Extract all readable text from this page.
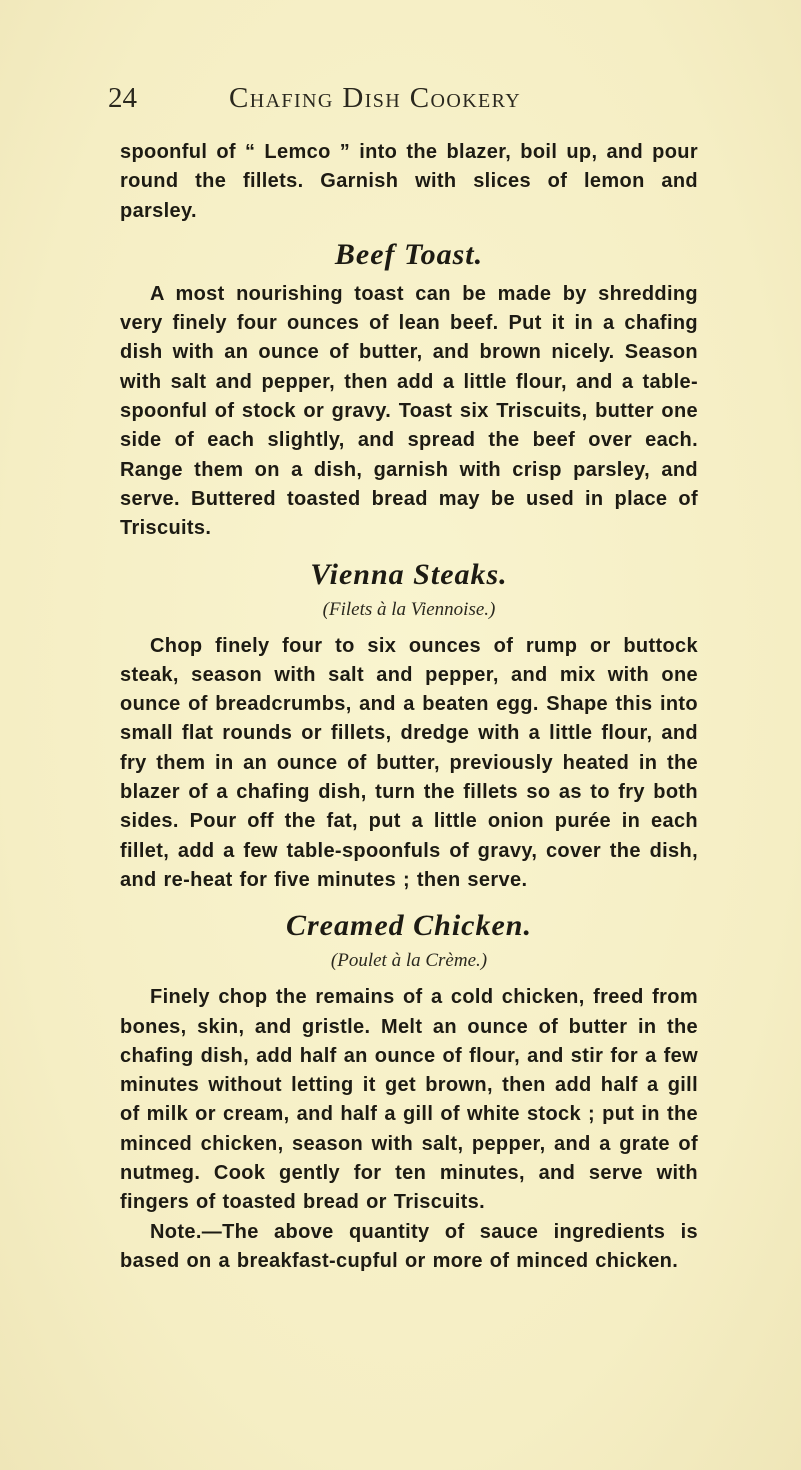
24	Chafing Dish Cookery

spoonful of “ Lemco ” into the blazer, boil up, and pour round the fillets. Garnish with slices of lemon and parsley.

Beef Toast.

A most nourishing toast can be made by shredding very finely four ounces of lean beef. Put it in a chafing dish with an ounce of butter, and brown nicely. Season with salt and pepper, then add a little flour, and a table-spoonful of stock or gravy. Toast six Triscuits, butter one side of each slightly, and spread the beef over each. Range them on a dish, garnish with crisp parsley, and serve. Buttered toasted bread may be used in place of Triscuits.

Vienna Steaks.

(Filets à la Viennoise.)

Chop finely four to six ounces of rump or buttock steak, season with salt and pepper, and mix with one ounce of breadcrumbs, and a beaten egg. Shape this into small flat rounds or fillets, dredge with a little flour, and fry them in an ounce of butter, previously heated in the blazer of a chafing dish, turn the fillets so as to fry both sides. Pour off the fat, put a little onion purée in each fillet, add a few table-spoonfuls of gravy, cover the dish, and re-heat for five minutes ; then serve.

Creamed Chicken.

(Poulet à la Crème.)

Finely chop the remains of a cold chicken, freed from bones, skin, and gristle. Melt an ounce of butter in the chafing dish, add half an ounce of flour, and stir for a few minutes without letting it get brown, then add half a gill of milk or cream, and half a gill of white stock ; put in the minced chicken, season with salt, pepper, and a grate of nutmeg. Cook gently for ten minutes, and serve with fingers of toasted bread or Triscuits.

Note.—The above quantity of sauce ingredients is based on a breakfast-cupful or more of minced chicken.
